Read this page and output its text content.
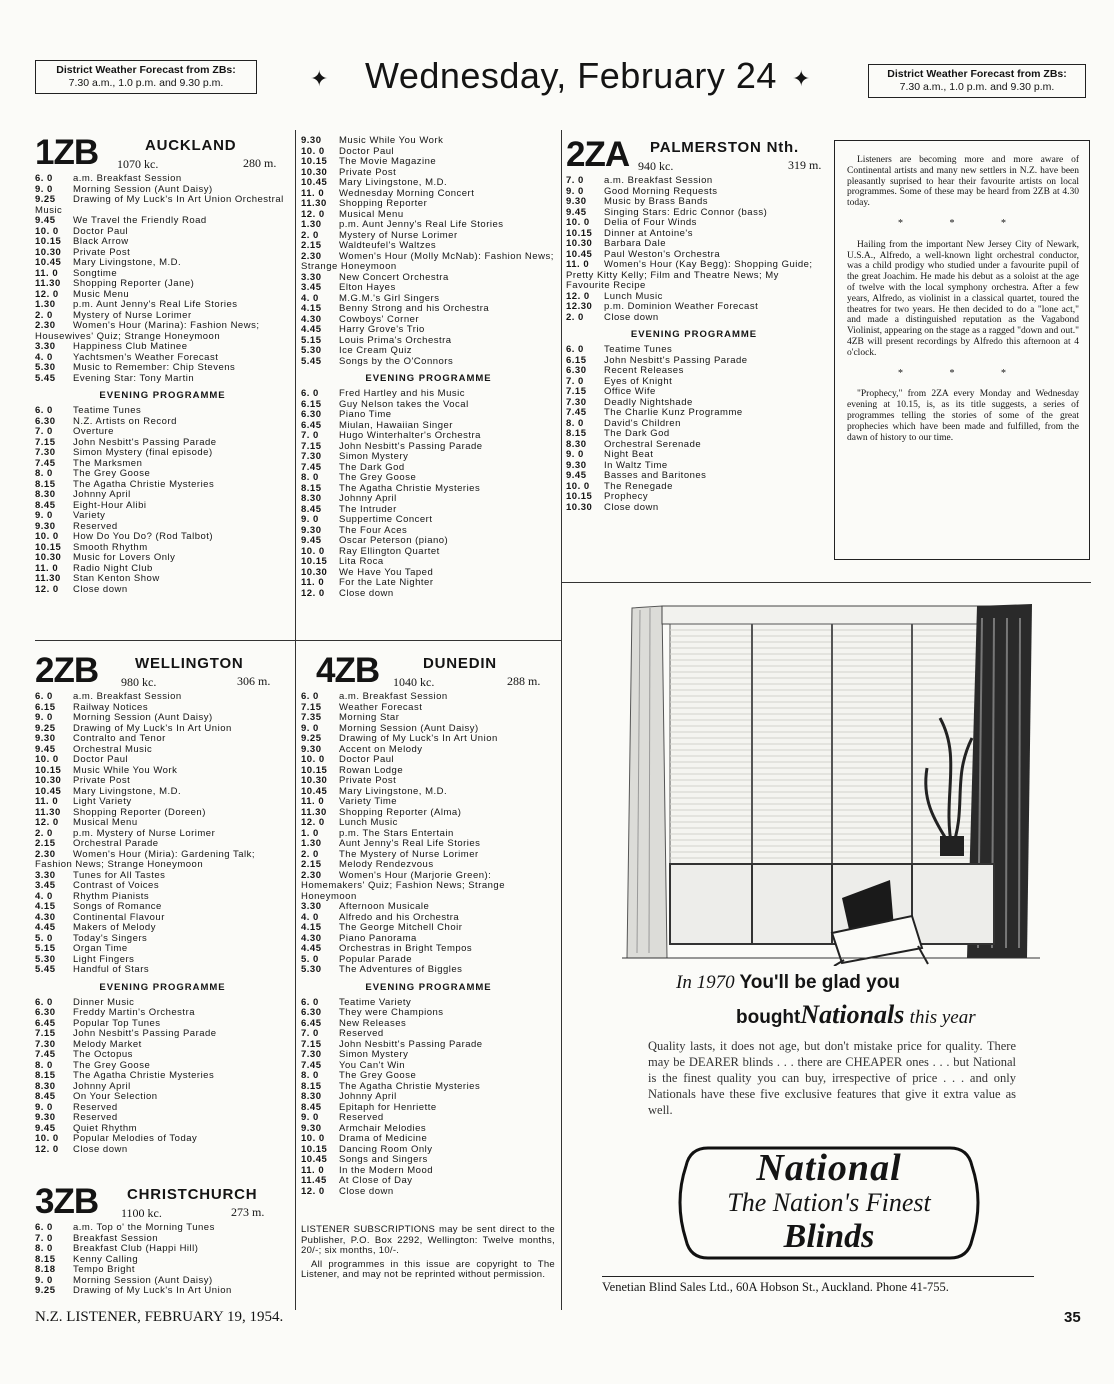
District Weather Forecast from ZBs:
7.30 a.m., 1.0 p.m. and 9.30 p.m.	✦ Wednesday, February 24 ✦	District Weather Forecast from ZBs:
7.30 a.m., 1.0 p.m. and 9.30 p.m.
1ZB	AUCKLAND
1070 kc.	280 m.
6. 0	a.m. Breakfast Session
9. 0	Morning Session (Aunt Daisy)
9.25 Drawing of My Luck's In Art Union Orchestral Music
9.45	We Travel the Friendly Road
10. 0	Doctor Paul
10.15	Black Arrow
10.30	Private Post
10.45	Mary Livingstone, M.D.
11. 0	Songtime
11.30	Shopping Reporter (Jane)
12. 0	Music Menu
1.30 p.m. Aunt Jenny's Real Life Stories
2. 0	Mystery of Nurse Lorimer
2.30 Women's Hour (Marina): Fashion News; Housewives' Quiz; Strange Honeymoon
3.30	Happiness Club Matinee
4. 0	Yachtsmen's Weather Forecast
5.30	Music to Remember: Chip Stevens
5.45	Evening Star: Tony Martin
EVENING PROGRAMME
6. 0	Teatime Tunes
6.30	N.Z. Artists on Record
7. 0	Overture
7.15	John Nesbitt's Passing Parade
7.30	Simon Mystery (final episode)
7.45	The Marksmen
8. 0	The Grey Goose
8.15	The Agatha Christie Mysteries
8.30	Johnny April
8.45	Eight-Hour Alibi
9. 0	Variety
9.30	Reserved
10. 0	How Do You Do? (Rod Talbot)
10.15	Smooth Rhythm
10.30	Music for Lovers Only
11. 0	Radio Night Club
11.30	Stan Kenton Show
12. 0	Close down
9.30	Music While You Work
10. 0	Doctor Paul
10.15	The Movie Magazine
10.30	Private Post
10.45	Mary Livingstone, M.D.
11. 0	Wednesday Morning Concert
11.30	Shopping Reporter
12. 0	Musical Menu
1.30 p.m. Aunt Jenny's Real Life Stories
2. 0	Mystery of Nurse Lorimer
2.15	Waldteufel's Waltzes
2.30 Women's Hour (Molly McNab): Fashion News; Strange Honeymoon
3.30	New Concert Orchestra
3.45	Elton Hayes
4. 0	M.G.M.'s Girl Singers
4.15	Benny Strong and his Orchestra
4.30	Cowboys' Corner
4.45	Harry Grove's Trio
5.15	Louis Prima's Orchestra
5.30	Ice Cream Quiz
5.45	Songs by the O'Connors
EVENING PROGRAMME
6. 0	Fred Hartley and his Music
6.15	Guy Nelson takes the Vocal
6.30	Piano Time
6.45	Miulan, Hawaiian Singer
7. 0	Hugo Winterhalter's Orchestra
7.15	John Nesbitt's Passing Parade
7.30	Simon Mystery
7.45	The Dark God
8. 0	The Grey Goose
8.15	The Agatha Christie Mysteries
8.30	Johnny April
8.45	The Intruder
9. 0	Suppertime Concert
9.30	The Four Aces
9.45	Oscar Peterson (piano)
10. 0	Ray Ellington Quartet
10.15	Lita Roca
10.30	We Have You Taped
11. 0	For the Late Nighter
12. 0	Close down
2ZA PALMERSTON Nth.
940 kc.	319 m.
7. 0	a.m. Breakfast Session
9. 0	Good Morning Requests
9.30	Music by Brass Bands
9.45	Singing Stars: Edric Connor (bass)
10. 0	Delia of Four Winds
10.15	Dinner at Antoine's
10.30	Barbara Dale
10.45	Paul Weston's Orchestra
11. 0 Women's Hour (Kay Begg): Shopping Guide; Pretty Kitty Kelly; Film and Theatre News; My Favourite Recipe
12. 0	Lunch Music
12.30	p.m. Dominion Weather Forecast
2. 0	Close down
EVENING PROGRAMME
6. 0	Teatime Tunes
6.15	John Nesbitt's Passing Parade
6.30	Recent Releases
7. 0	Eyes of Knight
7.15	Office Wife
7.30	Deadly Nightshade
7.45	The Charlie Kunz Programme
8. 0	David's Children
8.15	The Dark God
8.30	Orchestral Serenade
9. 0	Night Beat
9.30	In Waltz Time
9.45	Basses and Baritones
10. 0	The Renegade
10.15	Prophecy
10.30	Close down

Listeners are becoming more and more aware of Continental artists and many new settlers in N.Z. have been pleasantly suprised to hear their favourite artists on local programmes. Some of these may be heard from 2ZB at 4.30 today.

* * *

Hailing from the important New Jersey City of Newark, U.S.A., Alfredo, a well-known light orchestral conductor, was a child prodigy who studied under a favourite pupil of the great Joachim. He made his debut as a soloist at the age of twelve with the local symphony orchestra. After a few years, Alfredo, as violinist in a classical quartet, toured the theatres for two years. He then decided to do a "lone act," and made a distinguished reputation as the Vagabond Violinist, appearing on the stage as a ragged "down and out." 4ZB will present recordings by Alfredo this afternoon at 4 o'clock.

* * *

"Prophecy," from 2ZA every Monday and Wednesday evening at 10.15, is, as its title suggests, a series of programmes telling the stories of some of the great prophecies which have been made and fulfilled, from the dawn of history to our time.

2ZB WELLINGTON
980 kc.	306 m.
6. 0	a.m. Breakfast Session
6.15	Railway Notices
9. 0	Morning Session (Aunt Daisy)
9.25	Drawing of My Luck's In Art Union
9.30	Contralto and Tenor
9.45	Orchestral Music
10. 0	Doctor Paul
10.15	Music While You Work
10.30	Private Post
10.45	Mary Livingstone, M.D.
11. 0	Light Variety
11.30	Shopping Reporter (Doreen)
12. 0	Musical Menu
2. 0	p.m. Mystery of Nurse Lorimer
2.15	Orchestral Parade
2.30 Women's Hour (Miria): Gardening Talk; Fashion News; Strange Honeymoon
3.30	Tunes for All Tastes
3.45	Contrast of Voices
4. 0	Rhythm Pianists
4.15	Songs of Romance
4.30	Continental Flavour
4.45	Makers of Melody
5. 0	Today's Singers
5.15	Organ Time
5.30	Light Fingers
5.45	Handful of Stars
EVENING PROGRAMME
6. 0	Dinner Music
6.30	Freddy Martin's Orchestra
6.45	Popular Top Tunes
7.15	John Nesbitt's Passing Parade
7.30	Melody Market
7.45	The Octopus
8. 0	The Grey Goose
8.15	The Agatha Christie Mysteries
8.30	Johnny April
8.45	On Your Selection
9. 0	Reserved
9.30	Reserved
9.45	Quiet Rhythm
10. 0	Popular Melodies of Today
12. 0	Close down
3ZB CHRISTCHURCH
1100 kc.	273 m.
6. 0	a.m. Top o' the Morning Tunes
7. 0	Breakfast Session
8. 0	Breakfast Club (Happi Hill)
8.15	Kenny Calling
8.18	Tempo Bright
9. 0	Morning Session (Aunt Daisy)
9.25	Drawing of My Luck's In Art Union
4ZB	DUNEDIN
1040 kc.	288 m.
6. 0	a.m. Breakfast Session
7.15	Weather Forecast
7.35	Morning Star
9. 0	Morning Session (Aunt Daisy)
9.25	Drawing of My Luck's In Art Union
9.30	Accent on Melody
10. 0	Doctor Paul
10.15	Rowan Lodge
10.30	Private Post
10.45	Mary Livingstone, M.D.
11. 0	Variety Time
11.30	Shopping Reporter (Alma)
12. 0	Lunch Music
1. 0	p.m. The Stars Entertain
1.30	Aunt Jenny's Real Life Stories
2. 0	The Mystery of Nurse Lorimer
2.15	Melody Rendezvous
2.30 Women's Hour (Marjorie Green): Homemakers' Quiz; Fashion News; Strange Honeymoon
3.30	Afternoon Musicale
4. 0	Alfredo and his Orchestra
4.15	The George Mitchell Choir
4.30	Piano Panorama
4.45	Orchestras in Bright Tempos
5. 0	Popular Parade
5.30	The Adventures of Biggles
EVENING PROGRAMME
6. 0	Teatime Variety
6.30	They were Champions
6.45	New Releases
7. 0	Reserved
7.15	John Nesbitt's Passing Parade
7.30	Simon Mystery
7.45	You Can't Win
8. 0	The Grey Goose
8.15	The Agatha Christie Mysteries
8.30	Johnny April
8.45	Epitaph for Henriette
9. 0	Reserved
9.30	Armchair Melodies
10. 0	Drama of Medicine
10.15	Dancing Room Only
10.45	Songs and Singers
11. 0	In the Modern Mood
11.45	At Close of Day
12. 0	Close down

LISTENER SUBSCRIPTIONS may be sent direct to the Publisher, P.O. Box 2292, Wellington: Twelve months, 20/-; six months, 10/-.

All programmes in this issue are copyright to The Listener, and may not be reprinted without permission.

In 1970 You'll be glad you
boughtNationals this year
Quality lasts, it does not age, but don't mistake price for quality. There may be DEARER blinds . . . there are CHEAPER ones . . . but National is the finest quality you can buy, irrespective of price . . . and only Nationals have these five exclusive features that give it extra value as well.
National
The Nation's Finest
Blinds
Venetian Blind Sales Ltd., 60A Hobson St., Auckland. Phone 41-755.
N.Z. LISTENER, FEBRUARY 19, 1954.	35
